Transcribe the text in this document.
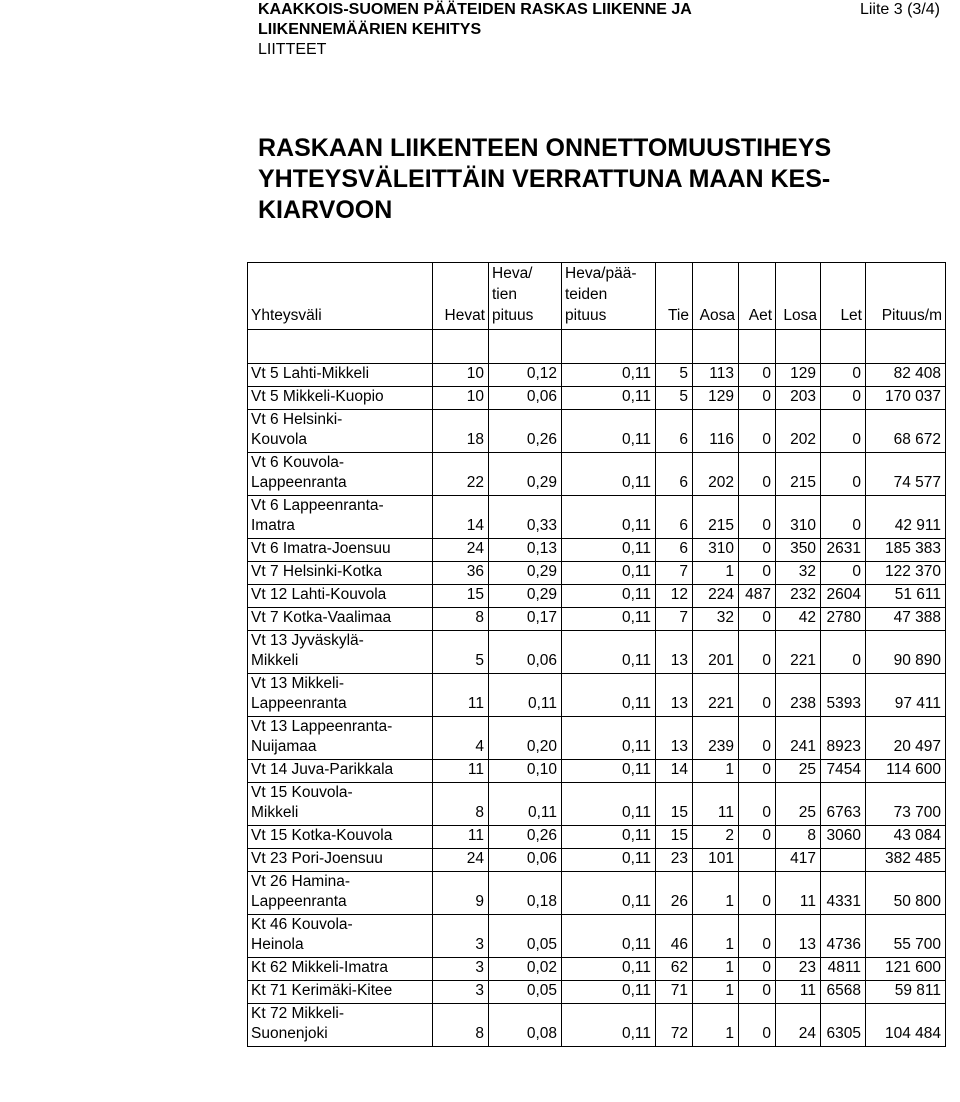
KAAKKOIS-SUOMEN PÄÄTEIDEN RASKAS LIIKENNE JA
LIIKENNEMÄÄRIEN KEHITYS
LIITTEET
Liite 3 (3/4)
RASKAAN LIIKENTEEN ONNETTOMUUSTIHEYS
YHTEYSVÄLEITTÄIN VERRATTUNA MAAN KES-
KIARVOON
Yhteysväli	Hevat	Heva/
tien
pituus	Heva/pää-
teiden
pituus	Tie	Aosa	Aet	Losa	Let	Pituus/m

Vt 5 Lahti-Mikkeli	10	0,12	0,11	5	113	0	129	0	82 408

Vt 5 Mikkeli-Kuopio	10	0,06	0,11	5	129	0	203	0	170 037

Vt 6 Helsinki-
Kouvola	18	0,26	0,11	6	116	0	202	0	68 672

Vt 6 Kouvola-
Lappeenranta	22	0,29	0,11	6	202	0	215	0	74 577

Vt 6 Lappeenranta-
Imatra	14	0,33	0,11	6	215	0	310	0	42 911

Vt 6 Imatra-Joensuu	24	0,13	0,11	6	310	0	350	2631	185 383

Vt 7 Helsinki-Kotka	36	0,29	0,11	7	1	0	32	0	122 370

Vt 12 Lahti-Kouvola	15	0,29	0,11	12	224	487	232	2604	51 611

Vt 7 Kotka-Vaalimaa	8	0,17	0,11	7	32	0	42	2780	47 388

Vt 13 Jyväskylä-
Mikkeli	5	0,06	0,11	13	201	0	221	0	90 890

Vt 13 Mikkeli-
Lappeenranta	11	0,11	0,11	13	221	0	238	5393	97 411

Vt 13 Lappeenranta-
Nuijamaa	4	0,20	0,11	13	239	0	241	8923	20 497

Vt 14 Juva-Parikkala	11	0,10	0,11	14	1	0	25	7454	114 600

Vt 15 Kouvola-
Mikkeli	8	0,11	0,11	15	11	0	25	6763	73 700

Vt 15 Kotka-Kouvola	11	0,26	0,11	15	2	0	8	3060	43 084

Vt 23 Pori-Joensuu	24	0,06	0,11	23	101		417		382 485

Vt 26 Hamina-
Lappeenranta	9	0,18	0,11	26	1	0	11	4331	50 800

Kt 46 Kouvola-
Heinola	3	0,05	0,11	46	1	0	13	4736	55 700

Kt 62 Mikkeli-Imatra	3	0,02	0,11	62	1	0	23	4811	121 600

Kt 71 Kerimäki-Kitee	3	0,05	0,11	71	1	0	11	6568	59 811

Kt 72 Mikkeli-
Suonenjoki	8	0,08	0,11	72	1	0	24	6305	104 484
